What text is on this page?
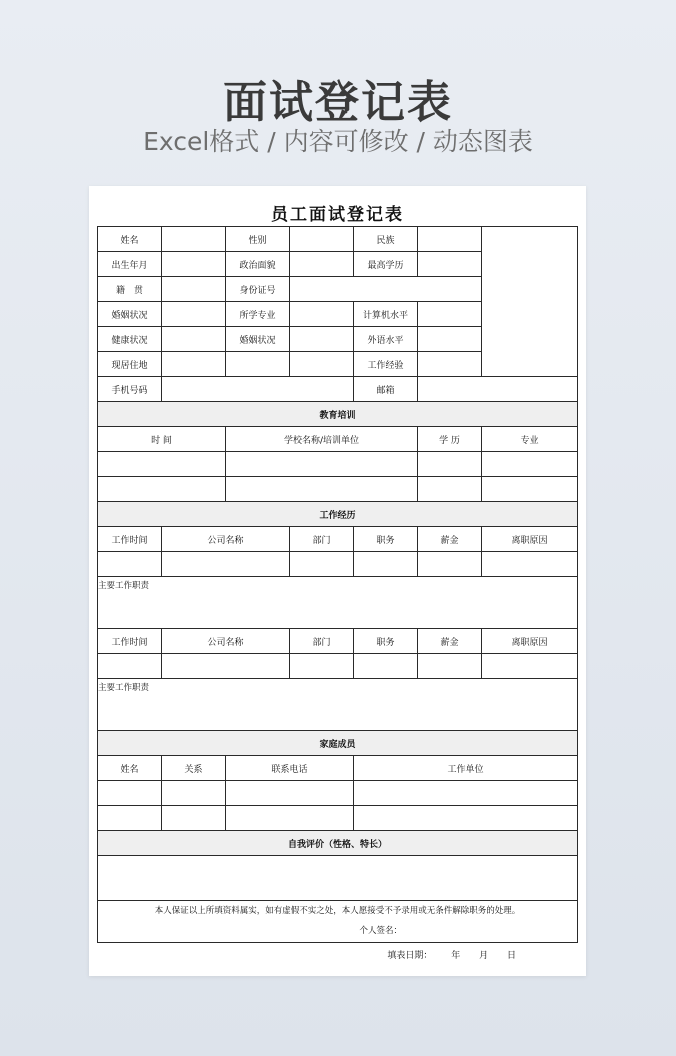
面试登记表

Excel格式 / 内容可修改 / 动态图表

员工面试登记表
姓名		性别		民族		
出生年月		政治面貌		最高学历		
籍　贯		身份证号				
婚姻状况		所学专业		计算机水平		
健康状况		婚姻状况		外语水平		
现居住地				工作经验		
手机号码				邮箱		
教育培训						
时 间		学校名称/培训单位			学 历	专业

工作经历						
工作时间	公司名称		部门	职务	薪金	离职原因

主要工作职责						
工作时间	公司名称		部门	职务	薪金	离职原因

主要工作职责						
家庭成员						
姓名	关系	联系电话		工作单位		

自我评价（性格、特长）						

本人保证以上所填资料属实，如有虚假不实之处，本人愿接受不予录用或无条件解除职务的处理。
个人签名：						
填表日期： 年 月 日
